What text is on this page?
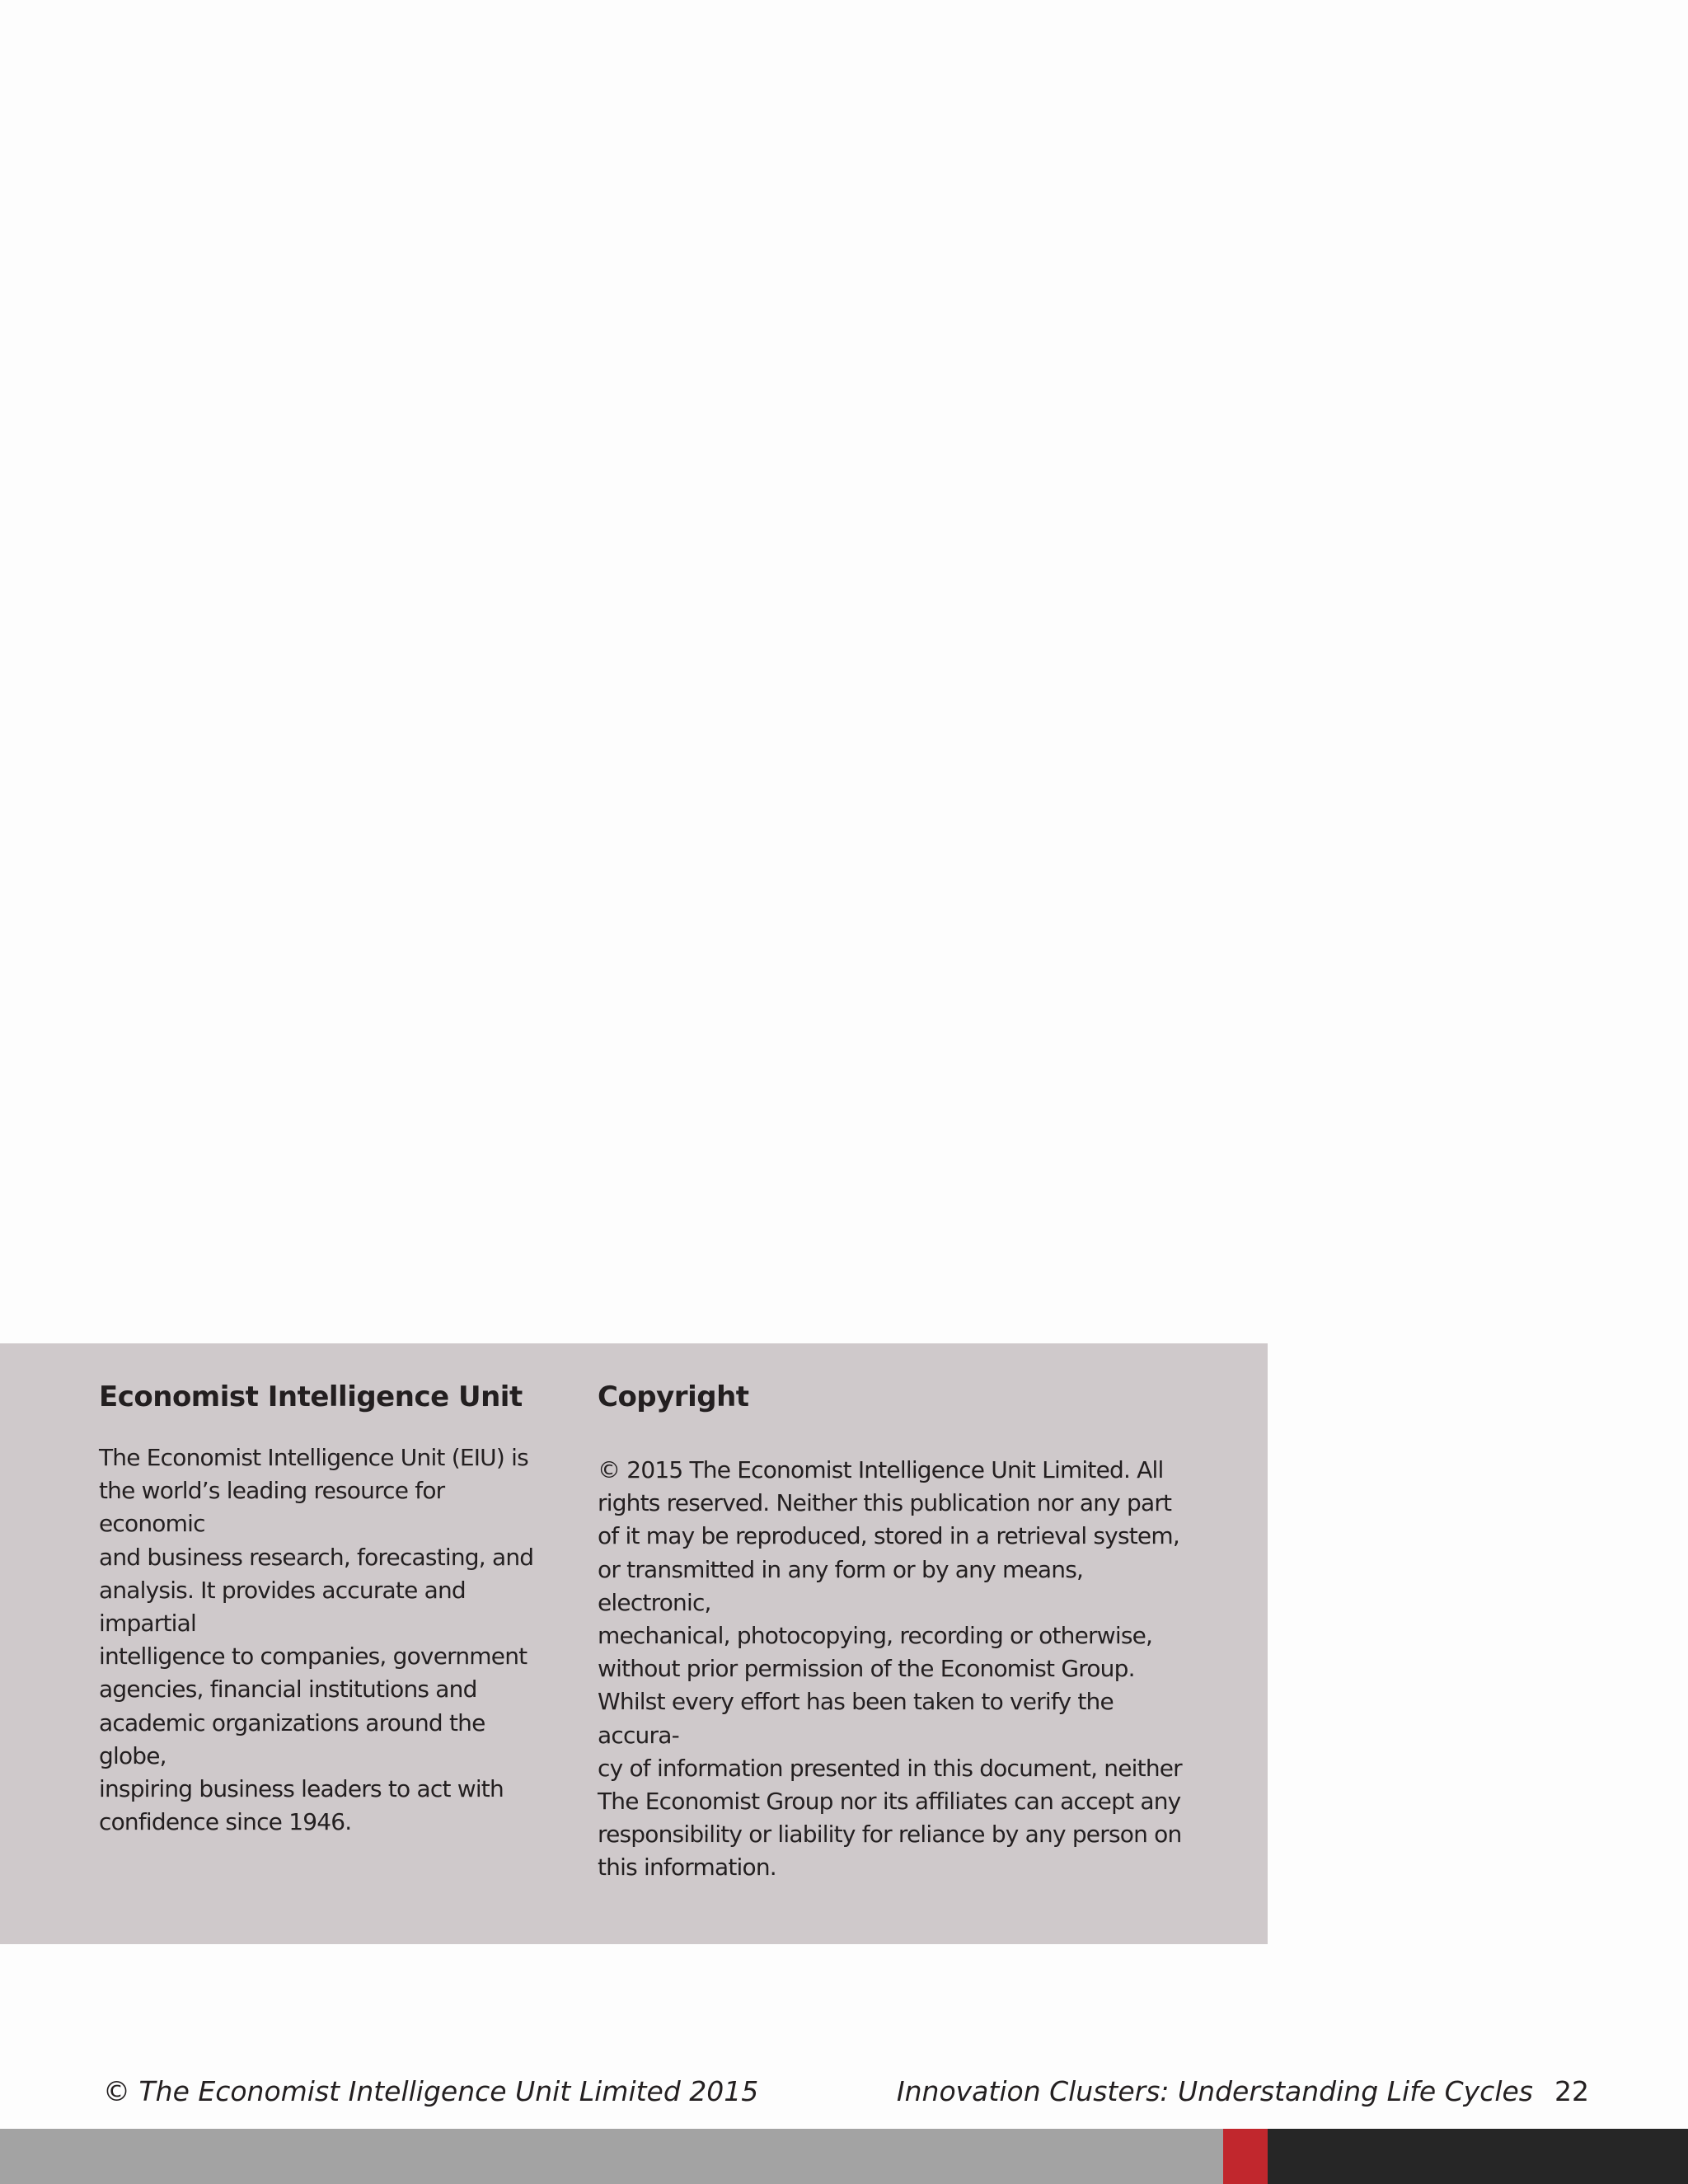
Economist Intelligence Unit

The Economist Intelligence Unit (EIU) is
the world’s leading resource for economic
and business research, forecasting, and
analysis. It provides accurate and impartial
intelligence to companies, government
agencies, financial institutions and
academic organizations around the globe,
inspiring business leaders to act with
confidence since 1946.

Copyright

© 2015 The Economist Intelligence Unit Limited. All
rights reserved. Neither this publication nor any part
of it may be reproduced, stored in a retrieval system,
or transmitted in any form or by any means, electronic,
mechanical, photocopying, recording or otherwise,
without prior permission of the Economist Group.
Whilst every effort has been taken to verify the accura-
cy of information presented in this document, neither
The Economist Group nor its affiliates can accept any
responsibility or liability for reliance by any person on
this information.

© The Economist Intelligence Unit Limited 2015	Innovation Clusters: Understanding Life Cycles 22
